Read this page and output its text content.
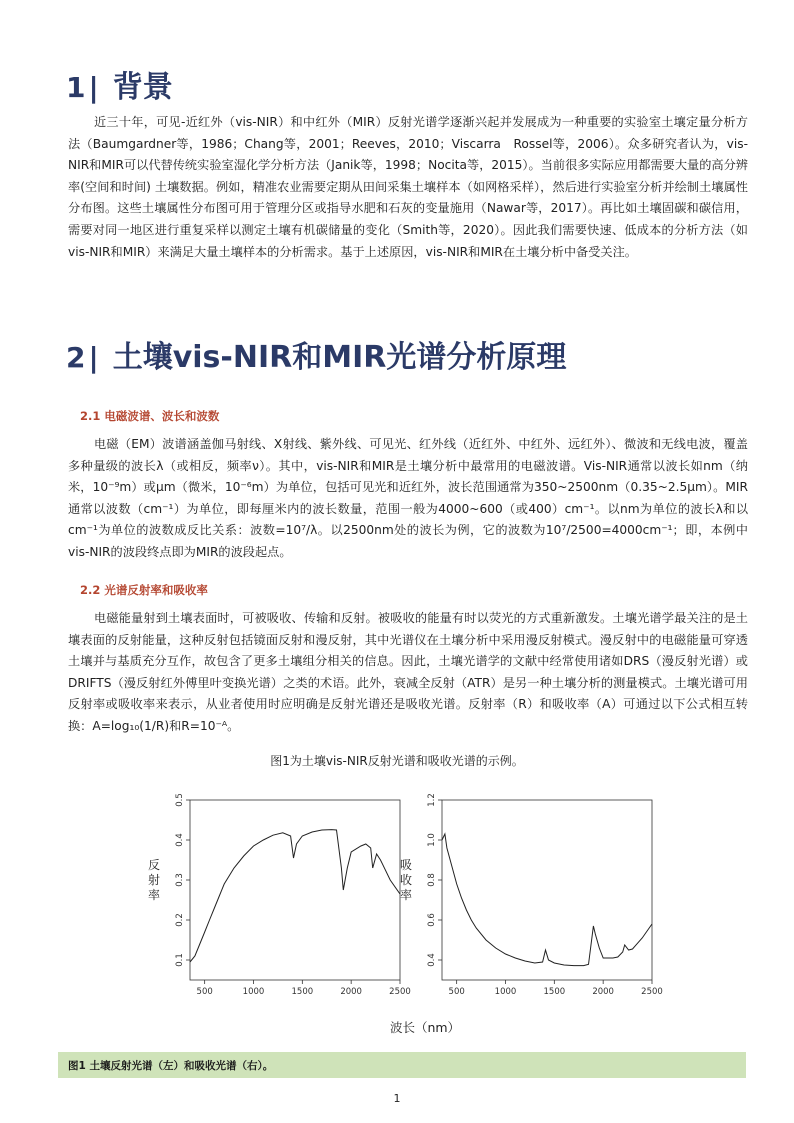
1| 背景

近三十年，可见-近红外（vis-NIR）和中红外（MIR）反射光谱学逐渐兴起并发展成为一种重要的实验室土壤定量分析方法（Baumgardner等，1986；Chang等，2001；Reeves，2010；Viscarra　Rossel等，2006）。众多研究者认为，vis-NIR和MIR可以代替传统实验室湿化学分析方法（Janik等，1998；Nocita等，2015）。当前很多实际应用都需要大量的高分辨率(空间和时间) 土壤数据。例如，精准农业需要定期从田间采集土壤样本（如网格采样），然后进行实验室分析并绘制土壤属性分布图。这些土壤属性分布图可用于管理分区或指导水肥和石灰的变量施用（Nawar等，2017）。再比如土壤固碳和碳信用，需要对同一地区进行重复采样以测定土壤有机碳储量的变化（Smith等，2020）。因此我们需要快速、低成本的分析方法（如vis-NIR和MIR）来满足大量土壤样本的分析需求。基于上述原因，vis-NIR和MIR在土壤分析中备受关注。

2| 土壤vis-NIR和MIR光谱分析原理
2.1 电磁波谱、波长和波数

电磁（EM）波谱涵盖伽马射线、X射线、紫外线、可见光、红外线（近红外、中红外、远红外）、微波和无线电波，覆盖多种量级的波长λ（或相反，频率ν）。其中，vis-NIR和MIR是土壤分析中最常用的电磁波谱。Vis-NIR通常以波长如nm（纳米，10⁻⁹m）或μm（微米，10⁻⁶m）为单位，包括可见光和近红外，波长范围通常为350~2500nm（0.35~2.5μm）。MIR通常以波数（cm⁻¹）为单位，即每厘米内的波长数量，范围一般为4000~600（或400）cm⁻¹。以nm为单位的波长λ和以cm⁻¹为单位的波数成反比关系：波数=10⁷/λ。以2500nm处的波长为例，它的波数为10⁷/2500=4000cm⁻¹；即，本例中vis-NIR的波段终点即为MIR的波段起点。

2.2 光谱反射率和吸收率

电磁能量射到土壤表面时，可被吸收、传输和反射。被吸收的能量有时以荧光的方式重新激发。土壤光谱学最关注的是土壤表面的反射能量，这种反射包括镜面反射和漫反射，其中光谱仪在土壤分析中采用漫反射模式。漫反射中的电磁能量可穿透土壤并与基质充分互作，故包含了更多土壤组分相关的信息。因此，土壤光谱学的文献中经常使用诸如DRS（漫反射光谱）或DRIFTS（漫反射红外傅里叶变换光谱）之类的术语。此外，衰减全反射（ATR）是另一种土壤分析的测量模式。土壤光谱可用反射率或吸收率来表示，从业者使用时应明确是反射光谱还是吸收光谱。反射率（R）和吸收率（A）可通过以下公式相互转换：A=log₁₀(1/R)和R=10⁻ᴬ。

图1为土壤vis-NIR反射光谱和吸收光谱的示例。
500	1000	1500	2000	2500
0.1
0.2
0.3
0.4
0.5
反
射
率
500	1000	1500	2000	2500
0.4
0.6
0.8
1.0
1.2
吸
收
率
波长（nm）
图1 土壤反射光谱（左）和吸收光谱（右）。
1
